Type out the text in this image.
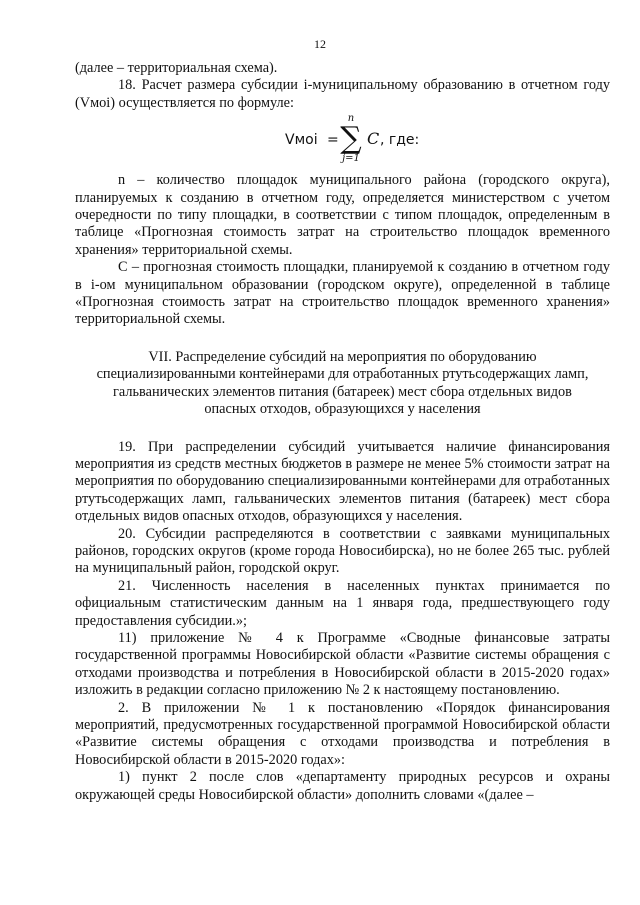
12

(далее – территориальная схема).

18. Расчет размера субсидии i-муниципальному образованию в отчетном году (Vмоi) осуществляется по формуле:

Vмоi =
n
∑
j=1
C , где:

n – количество площадок муниципального района (городского округа), планируемых к созданию в отчетном году, определяется министерством с учетом очередности по типу площадки, в соответствии с типом площадок, определенным в таблице «Прогнозная стоимость затрат на строительство площадок временного хранения» территориальной схемы.

C – прогнозная стоимость площадки, планируемой к созданию в отчетном году в i-ом муниципальном образовании (городском округе), определенной в таблице «Прогнозная стоимость затрат на строительство площадок временного хранения» территориальной схемы.

VII. Распределение субсидий на мероприятия по оборудованию
специализированными контейнерами для отработанных ртутьсодержащих ламп,
гальванических элементов питания (батареек) мест сбора отдельных видов
опасных отходов, образующихся у населения

19. При распределении субсидий учитывается наличие финансирования мероприятия из средств местных бюджетов в размере не менее 5% стоимости затрат на мероприятия по оборудованию специализированными контейнерами для отработанных ртутьсодержащих ламп, гальванических элементов питания (батареек) мест сбора отдельных видов опасных отходов, образующихся у населения.

20. Субсидии распределяются в соответствии с заявками муниципальных районов, городских округов (кроме города Новосибирска), но не более 265 тыс. рублей на муниципальный район, городской округ.

21. Численность населения в населенных пунктах принимается по официальным статистическим данным на 1 января года, предшествующего году предоставления субсидии.»;

11) приложение № 4 к Программе «Сводные финансовые затраты государственной программы Новосибирской области «Развитие системы обращения с отходами производства и потребления в Новосибирской области в 2015-2020 годах» изложить в редакции согласно приложению № 2 к настоящему постановлению.

2. В приложении № 1 к постановлению «Порядок финансирования мероприятий, предусмотренных государственной программой Новосибирской области «Развитие системы обращения с отходами производства и потребления в Новосибирской области в 2015-2020 годах»:

1) пункт 2 после слов «департаменту природных ресурсов и охраны окружающей среды Новосибирской области» дополнить словами «(далее –
